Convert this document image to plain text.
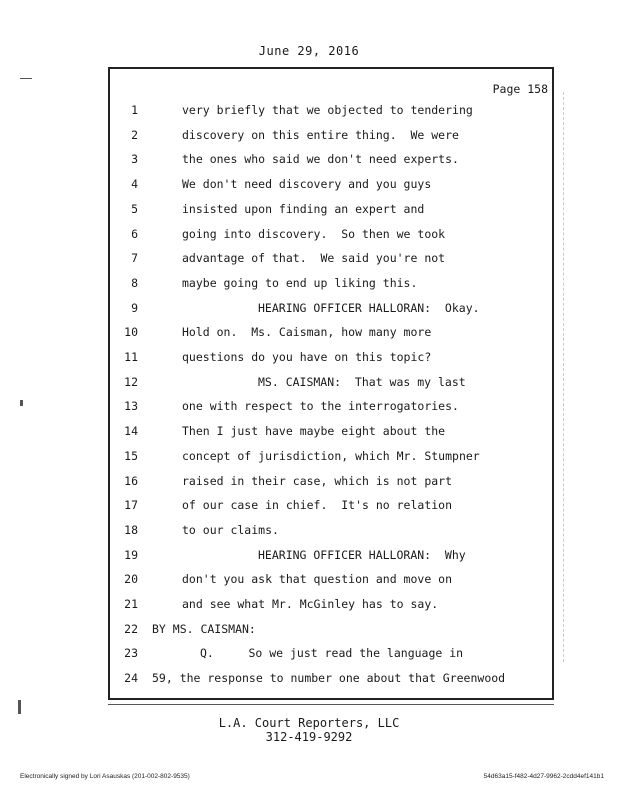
June 29, 2016
Page 158
1	very briefly that we objected to tendering
2	discovery on this entire thing.  We were
3	the ones who said we don't need experts.
4	We don't need discovery and you guys
5	insisted upon finding an expert and
6	going into discovery.  So then we took
7	advantage of that.  We said you're not
8	maybe going to end up liking this.
9	HEARING OFFICER HALLORAN:  Okay.
10	Hold on.  Ms. Caisman, how many more
11	questions do you have on this topic?
12	MS. CAISMAN:  That was my last
13	one with respect to the interrogatories.
14	Then I just have maybe eight about the
15	concept of jurisdiction, which Mr. Stumpner
16	raised in their case, which is not part
17	of our case in chief.  It's no relation
18	to our claims.
19	HEARING OFFICER HALLORAN:  Why
20	don't you ask that question and move on
21	and see what Mr. McGinley has to say.
22 BY MS. CAISMAN:
23	Q.     So we just read the language in
24 59, the response to number one about that Greenwood
L.A. Court Reporters, LLC
312-419-9292
Electronically signed by Lori Asauskas (201-002-802-9535)	54d63a15-f482-4d27-9962-2cdd4ef141b1
